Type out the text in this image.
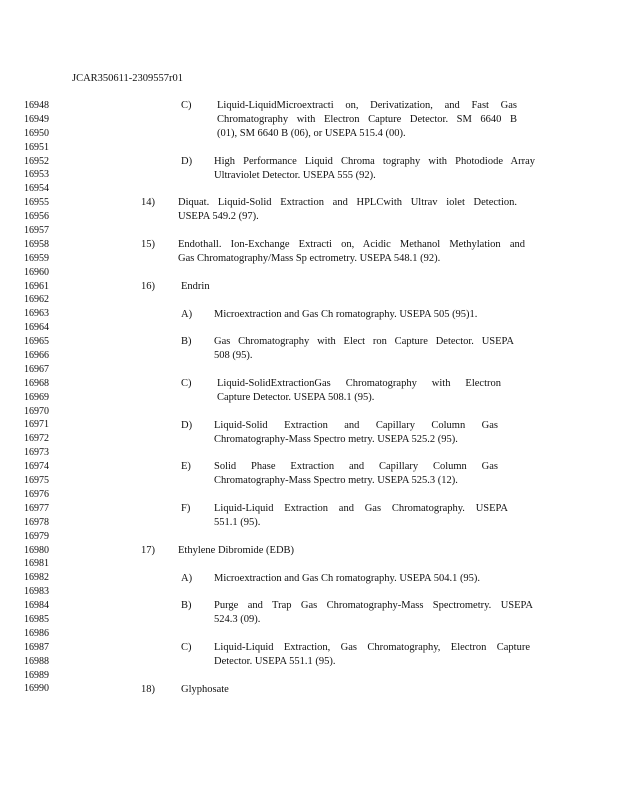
JCAR350611-2309557r01
16948
16949
16950
16951
16952
16953
16954
16955
16956
16957
16958
16959
16960
16961
16962
16963
16964
16965
16966
16967
16968
16969
16970
16971
16972
16973
16974
16975
16976
16977
16978
16979
16980
16981
16982
16983
16984
16985
16986
16987
16988
16989
16990
C) Liquid-LiquidMicroextracti on, Derivatization, and Fast Gas
Chromatography with Electron Capture Detector. SM 6640 B
(01), SM 6640 B (06), or USEPA 515.4 (00).
D) High Performance Liquid Chroma tography with Photodiode Array
Ultraviolet Detector. USEPA 555 (92).
14) Diquat. Liquid-Solid Extraction and HPLCwith Ultrav iolet Detection.
USEPA 549.2 (97).
15) Endothall. Ion-Exchange Extracti on, Acidic Methanol Methylation and
Gas Chromatography/Mass Sp ectrometry. USEPA 548.1 (92).
16) Endrin
A) Microextraction and Gas Ch romatography. USEPA 505 (95)1.
B) Gas Chromatography with Elect ron Capture Detector. USEPA
508 (95).
C) Liquid-SolidExtractionGas Chromatography with Electron
Capture Detector. USEPA 508.1 (95).
D) Liquid-Solid Extraction and Capillary Column Gas
Chromatography-Mass Spectro metry. USEPA 525.2 (95).
E) Solid Phase Extraction and Capillary Column Gas
Chromatography-Mass Spectro metry. USEPA 525.3 (12).
F) Liquid-Liquid Extraction and Gas Chromatography. USEPA
551.1 (95).
17) Ethylene Dibromide (EDB)
A) Microextraction and Gas Ch romatography. USEPA 504.1 (95).
B) Purge and Trap Gas Chromatography-Mass Spectrometry. USEPA
524.3 (09).
C) Liquid-Liquid Extraction, Gas Chromatography, Electron Capture
Detector. USEPA 551.1 (95).
18) Glyphosate
